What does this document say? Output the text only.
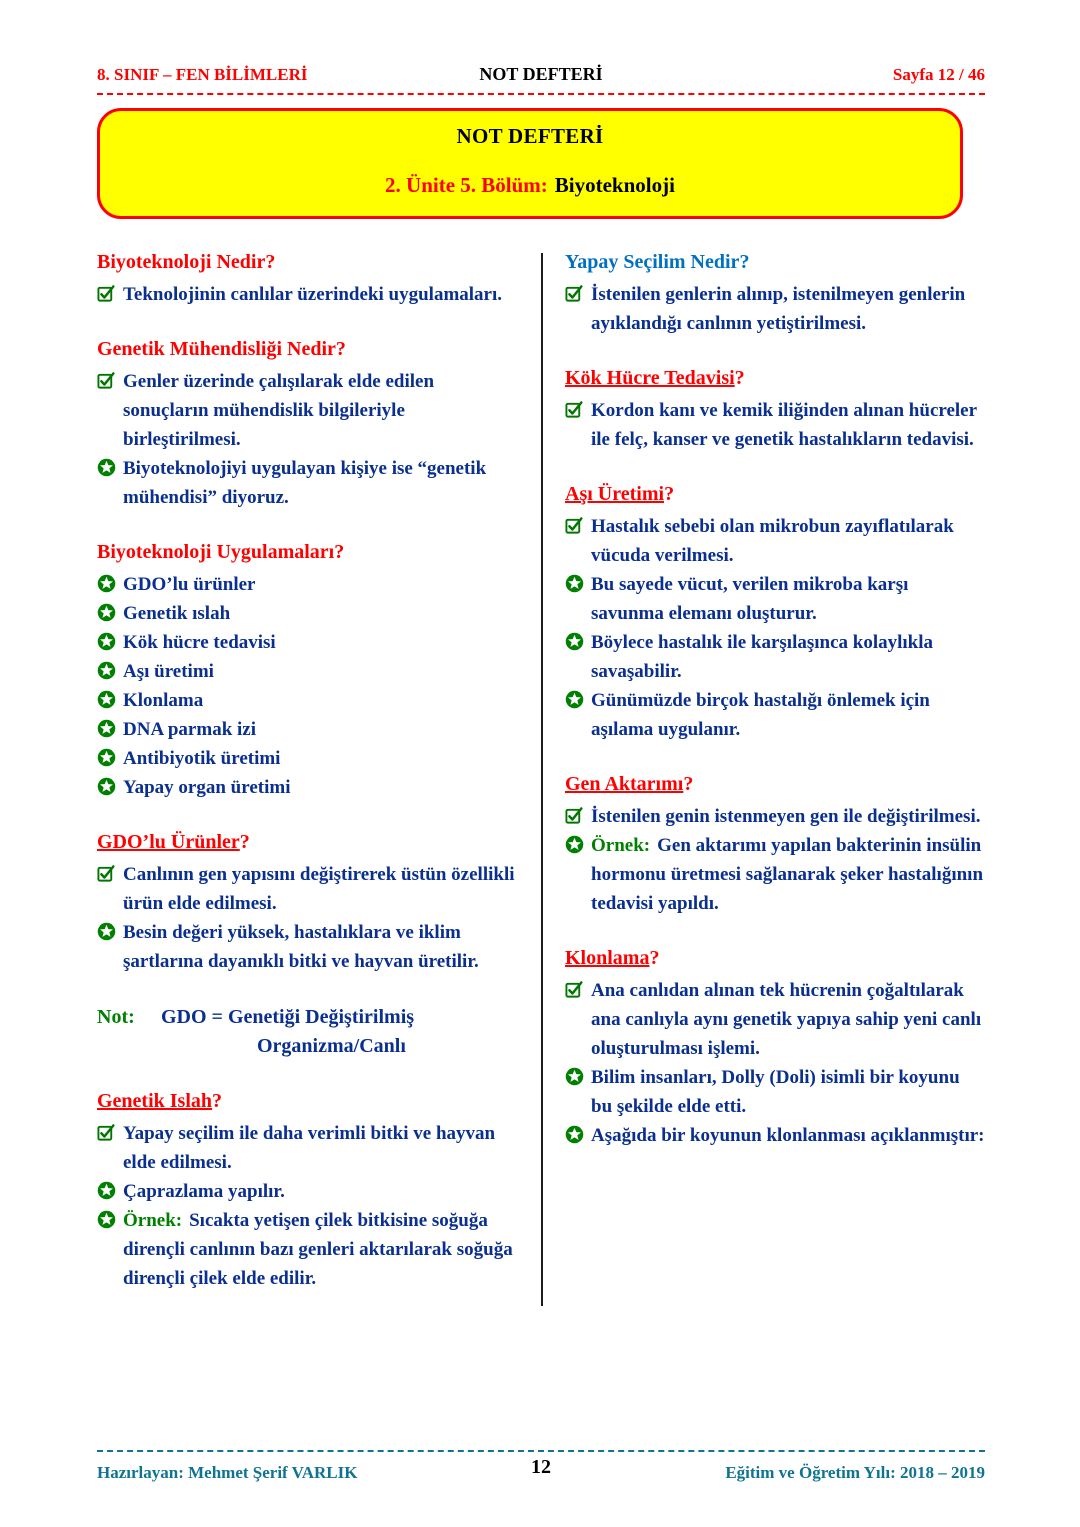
8. SINIF – FEN BİLİMLERİ	NOT DEFTERİ	Sayfa 12 / 46
NOT DEFTERİ
2. Ünite 5. Bölüm: Biyoteknoloji
Biyoteknoloji Nedir?

Teknolojinin canlılar üzerindeki uygulamaları.

Genetik Mühendisliği Nedir?

Genler üzerinde çalışılarak elde edilen sonuçların mühendislik bilgileriyle birleştirilmesi.

Biyoteknolojiyi uygulayan kişiye ise “genetik mühendisi” diyoruz.

Biyoteknoloji Uygulamaları?

GDO’lu ürünler

Genetik ıslah

Kök hücre tedavisi

Aşı üretimi

Klonlama

DNA parmak izi

Antibiyotik üretimi

Yapay organ üretimi

GDO’lu Ürünler?

Canlının gen yapısını değiştirerek üstün özellikli ürün elde edilmesi.

Besin değeri yüksek, hastalıklara ve iklim şartlarına dayanıklı bitki ve hayvan üretilir.

Not:	GDO = Genetiği Değiştirilmiş
Organizma/Canlı
Genetik Islah?

Yapay seçilim ile daha verimli bitki ve hayvan elde edilmesi.

Çaprazlama yapılır.

Örnek: Sıcakta yetişen çilek bitkisine soğuğa dirençli canlının bazı genleri aktarılarak soğuğa dirençli çilek elde edilir.

Yapay Seçilim Nedir?

İstenilen genlerin alınıp, istenilmeyen genlerin ayıklandığı canlının yetiştirilmesi.

Kök Hücre Tedavisi?

Kordon kanı ve kemik iliğinden alınan hücreler ile felç, kanser ve genetik hastalıkların tedavisi.

Aşı Üretimi?

Hastalık sebebi olan mikrobun zayıflatılarak vücuda verilmesi.

Bu sayede vücut, verilen mikroba karşı savunma elemanı oluşturur.

Böylece hastalık ile karşılaşınca kolaylıkla savaşabilir.

Günümüzde birçok hastalığı önlemek için aşılama uygulanır.

Gen Aktarımı?

İstenilen genin istenmeyen gen ile değiştirilmesi.

Örnek: Gen aktarımı yapılan bakterinin insülin hormonu üretmesi sağlanarak şeker hastalığının tedavisi yapıldı.

Klonlama?

Ana canlıdan alınan tek hücrenin çoğaltılarak ana canlıyla aynı genetik yapıya sahip yeni canlı oluşturulması işlemi.

Bilim insanları, Dolly (Doli) isimli bir koyunu bu şekilde elde etti.

Aşağıda bir koyunun klonlanması açıklanmıştır:

Hazırlayan: Mehmet Şerif VARLIK	12	Eğitim ve Öğretim Yılı: 2018 – 2019
